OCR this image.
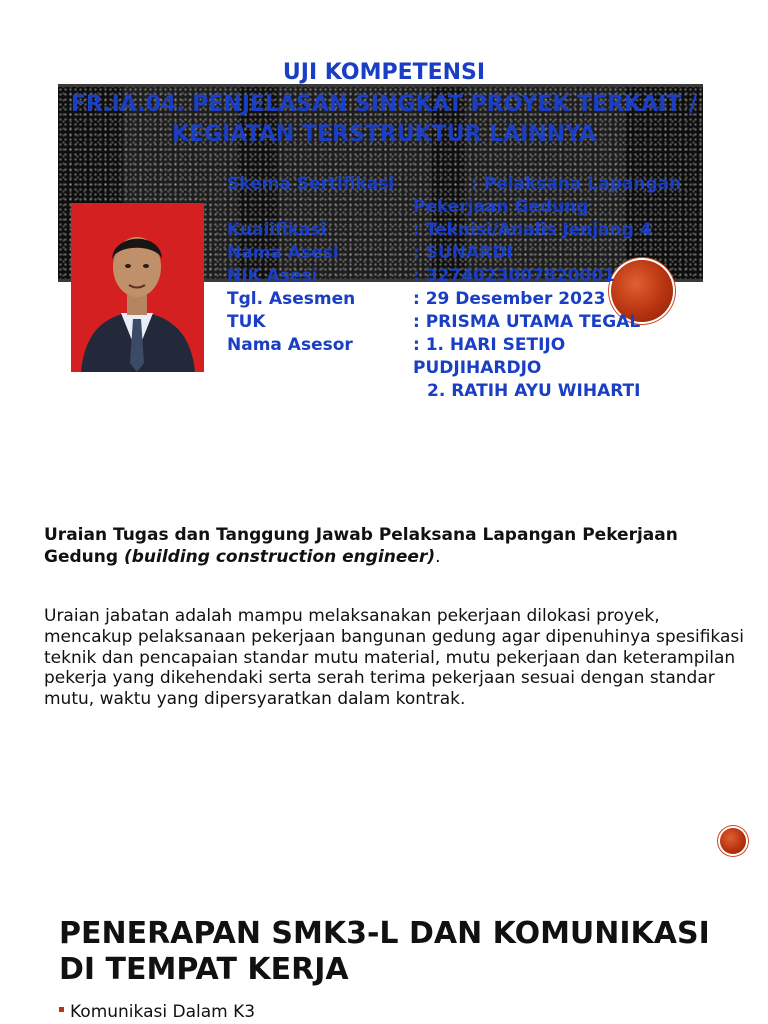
UJI KOMPETENSI
FR.IA.04. PENJELASAN SINGKAT PROYEK TERKAIT / KEGIATAN TERSTRUKTUR LAINNYA
Skema Sertifikasi	: Pelaksana Lapangan
Pekerjaan Gedung
Kualifikasi	: Teknisi/Analis Jenjang 4
Nama Asesi	: SUNARDI
NIK Asesi	: 3274023007820001
Tgl. Asesmen	: 29 Desember 2023
TUK	: PRISMA UTAMA TEGAL
Nama Asesor	: 1. HARI SETIJO
PUDJIHARDJO
2. RATIH AYU WIHARTI
Uraian Tugas dan Tanggung Jawab Pelaksana Lapangan Pekerjaan Gedung (building construction engineer).
Uraian jabatan adalah mampu melaksanakan pekerjaan dilokasi proyek, mencakup pelaksanaan pekerjaan bangunan gedung agar dipenuhinya spesifikasi teknik dan pencapaian standar mutu material, mutu pekerjaan dan keterampilan pekerja yang dikehendaki serta serah terima pekerjaan sesuai dengan standar mutu, waktu yang dipersyaratkan dalam kontrak.
PENERAPAN SMK3-L DAN KOMUNIKASI DI TEMPAT KERJA
Komunikasi Dalam K3
